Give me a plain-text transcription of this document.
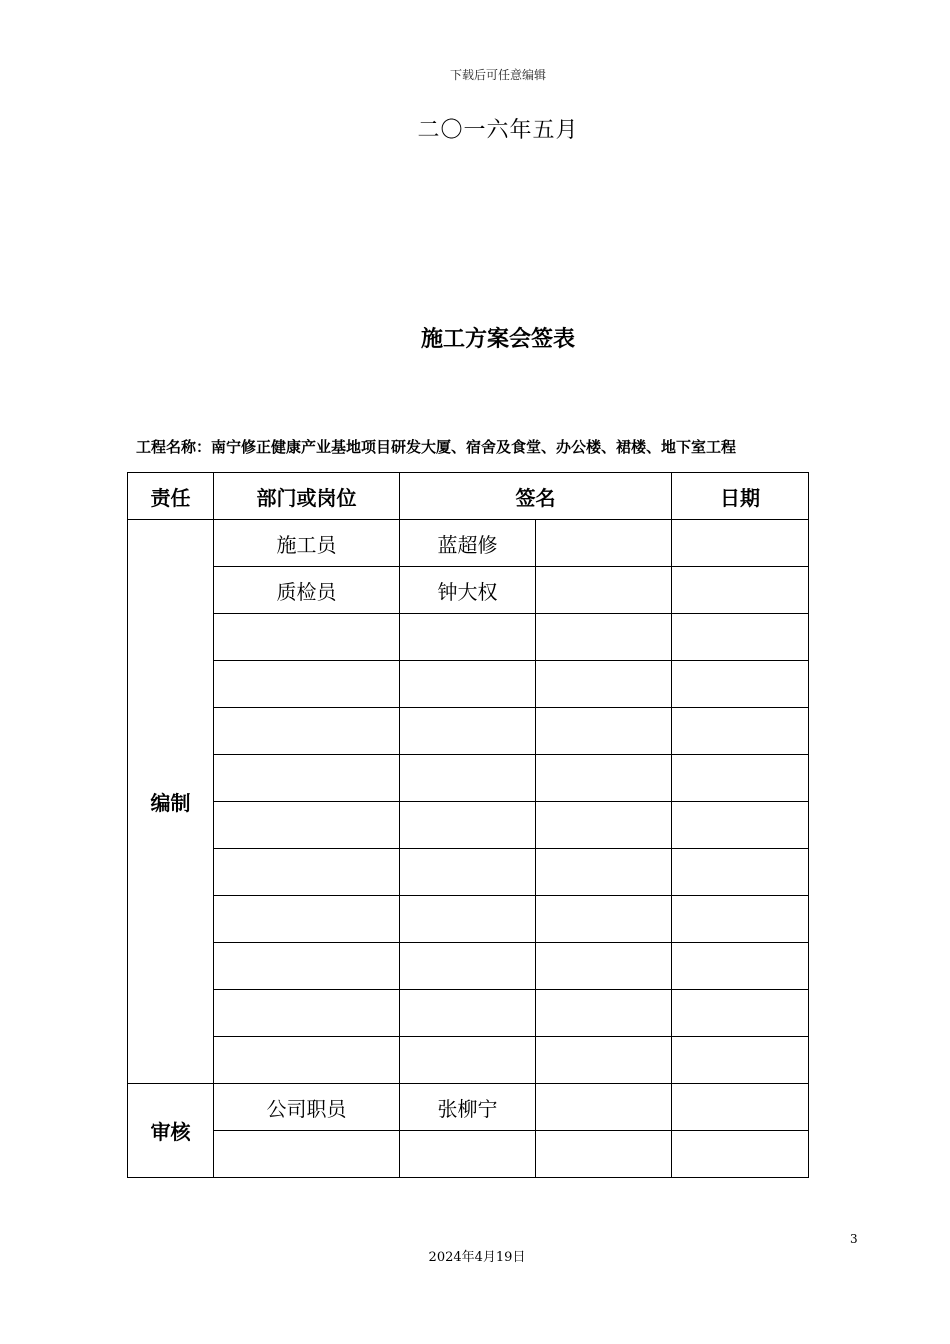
下载后可任意编辑
二〇一六年五月
施工方案会签表
工程名称：南宁修正健康产业基地项目研发大厦、宿舍及食堂、办公楼、裙楼、地下室工程
责任	部门或岗位	签名		日期
编制	施工员	蓝超修		
	质检员	钟大权		

审核	公司职员	张柳宁		

3
2024年4月19日
